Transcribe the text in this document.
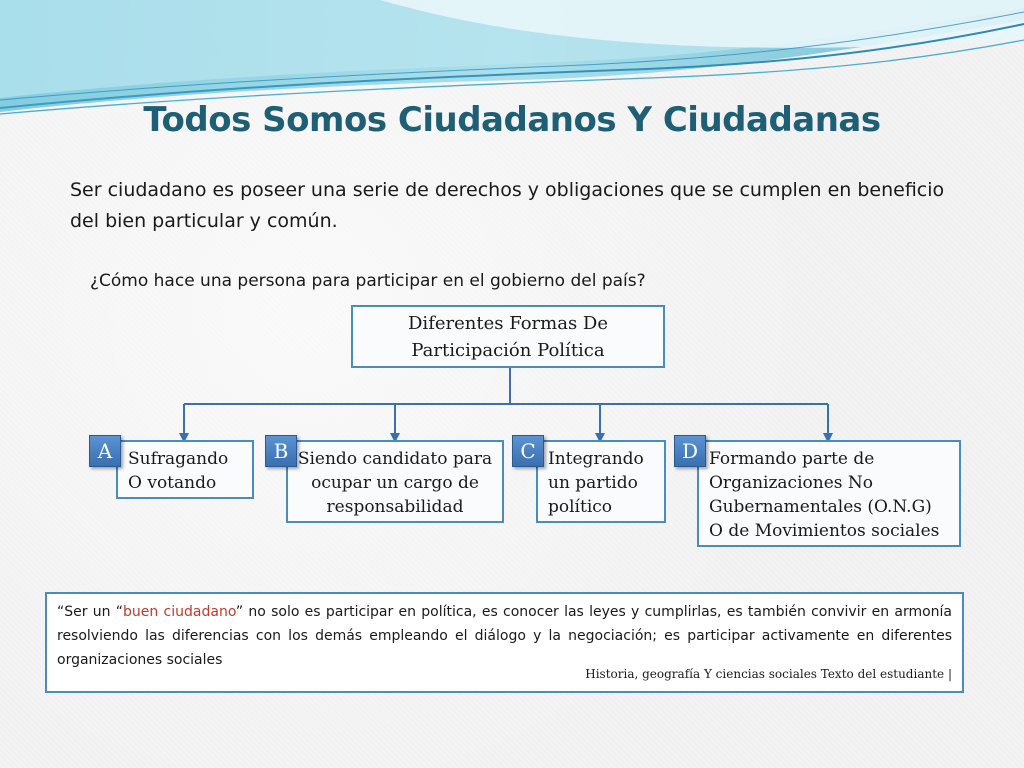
Todos Somos Ciudadanos Y Ciudadanas
Ser ciudadano es poseer una serie de derechos y obligaciones que se cumplen en beneficio del bien particular y común.
¿Cómo hace una persona para participar en el gobierno del país?
Diferentes Formas De
Participación Política
Sufragando
O votando
A	Siendo candidato para
ocupar un cargo de
responsabilidad
B	Integrando
un partido
político
C	Formando parte de
Organizaciones No
Gubernamentales (O.N.G)
O de Movimientos sociales
D
“Ser un “buen ciudadano” no solo es participar en política, es conocer las leyes y cumplirlas, es también convivir en armonía resolviendo las diferencias con los demás empleando el diálogo y la negociación; es participar activamente en diferentes organizaciones sociales
Historia, geografía Y ciencias sociales Texto del estudiante |
